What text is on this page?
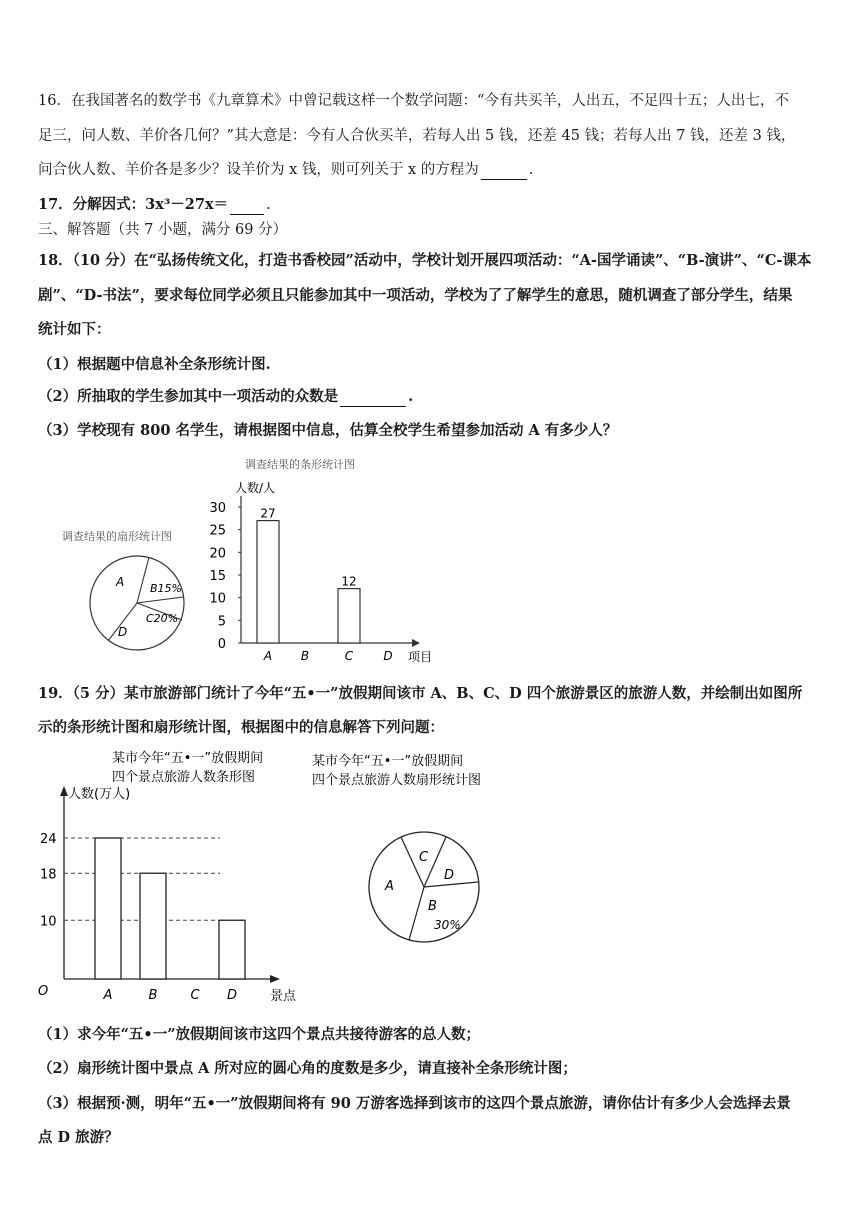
16．在我国著名的数学书《九章算术》中曾记载这样一个数学问题：“今有共买羊，人出五，不足四十五；人出七，不
足三，问人数、羊价各几何？”其大意是：今有人合伙买羊，若每人出 5 钱，还差 45 钱；若每人出 7 钱，还差 3 钱，
问合伙人数、羊价各是多少？设羊价为 x 钱，则可列关于 x 的方程为	.
17．分解因式：3x³－27x＝	.
三、解答题（共 7 小题，满分 69 分）
18．（10 分）在“弘扬传统文化，打造书香校园”活动中，学校计划开展四项活动：“A-国学诵读”、“B-演讲”、“C-课本
剧”、“D-书法”，要求每位同学必须且只能参加其中一项活动，学校为了了解学生的意思，随机调查了部分学生，结果
统计如下：
（1）根据题中信息补全条形统计图.
（2）所抽取的学生参加其中一项活动的众数是	.
（3）学校现有 800 名学生，请根据图中信息，估算全校学生希望参加活动 A 有多少人？
调查结果的扇形统计图
A B15%
C20%
D
调查结果的条形统计图
人数/人
0
5
10
15
20
25
30
A B	C	D
27
12
项目
19．（5 分）某市旅游部门统计了今年“五•一”放假期间该市 A、B、C、D 四个旅游景区的旅游人数，并绘制出如图所
示的条形统计图和扇形统计图，根据图中的信息解答下列问题：
某市今年“五•一”放假期间
四个景点旅游人数条形图
某市今年“五•一”放假期间
四个景点旅游人数扇形统计图
人数(万人)
10
18
24
A	B	C D
O	景点
A
B
C
D
30%
（1）求今年“五•一”放假期间该市这四个景点共接待游客的总人数；
（2）扇形统计图中景点 A 所对应的圆心角的度数是多少，请直接补全条形统计图；
（3）根据预·测，明年“五•一”放假期间将有 90 万游客选择到该市的这四个景点旅游，请你估计有多少人会选择去景
点 D 旅游？
